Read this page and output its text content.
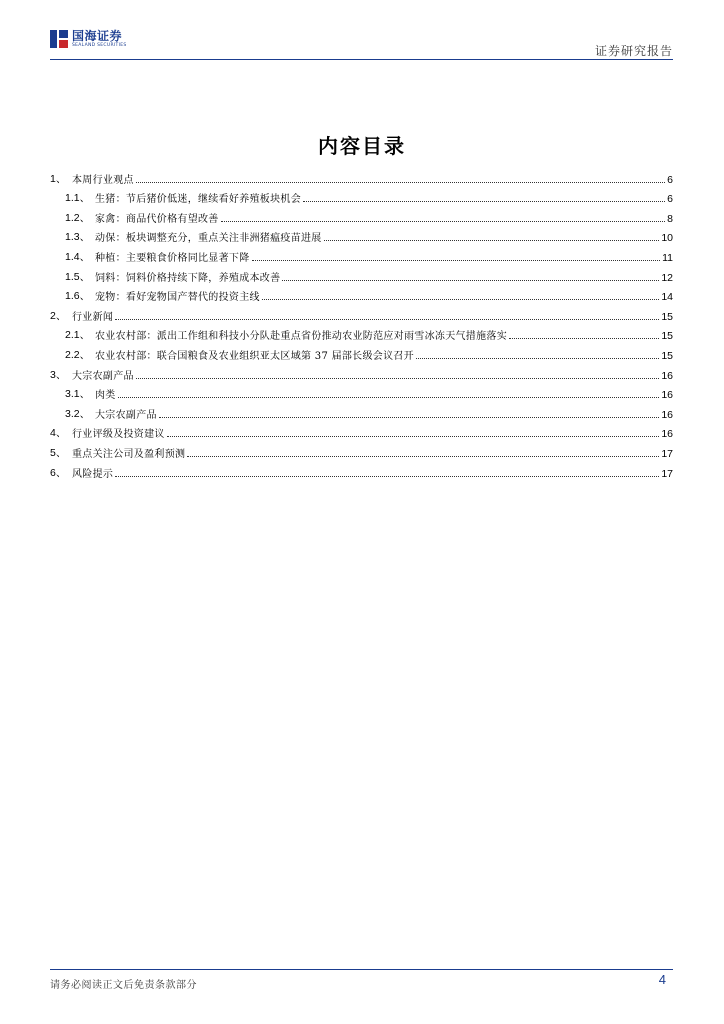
国海证券
SEALAND SECURITIES	证券研究报告
内容目录
1、 本周行业观点	6
1.1、 生猪：节后猪价低迷，继续看好养殖板块机会	6
1.2、 家禽：商品代价格有望改善	8
1.3、 动保：板块调整充分，重点关注非洲猪瘟疫苗进展	10
1.4、 种植：主要粮食价格同比显著下降	11
1.5、 饲料：饲料价格持续下降，养殖成本改善	12
1.6、 宠物：看好宠物国产替代的投资主线	14
2、 行业新闻	15
2.1、 农业农村部：派出工作组和科技小分队赴重点省份推动农业防范应对雨雪冰冻天气措施落实	15
2.2、 农业农村部：联合国粮食及农业组织亚太区域第 37 届部长级会议召开	15
3、 大宗农副产品	16
3.1、 肉类	16
3.2、 大宗农副产品	16
4、 行业评级及投资建议	16
5、 重点关注公司及盈利预测	17
6、 风险提示	17
请务必阅读正文后免责条款部分	4
